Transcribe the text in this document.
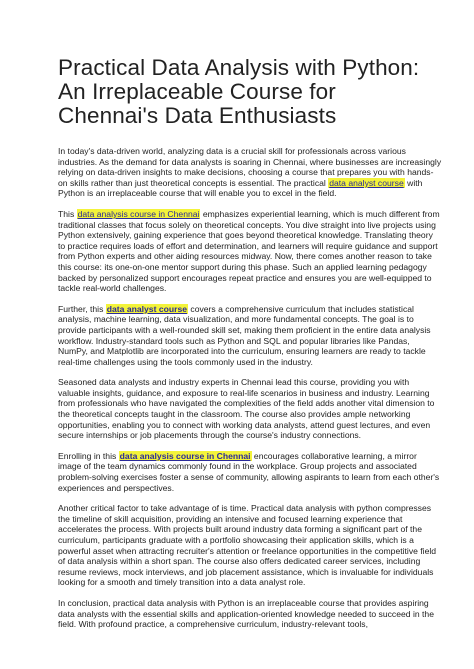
Practical Data Analysis with Python: An Irreplaceable Course for Chennai's Data Enthusiasts

In today's data-driven world, analyzing data is a crucial skill for professionals across various industries. As the demand for data analysts is soaring in Chennai, where businesses are increasingly relying on data-driven insights to make decisions, choosing a course that prepares you with hands-on skills rather than just theoretical concepts is essential. The practical data analyst course with Python is an irreplaceable course that will enable you to excel in the field.

This data analysis course in Chennai emphasizes experiential learning, which is much different from traditional classes that focus solely on theoretical concepts. You dive straight into live projects using Python extensively, gaining experience that goes beyond theoretical knowledge. Translating theory to practice requires loads of effort and determination, and learners will require guidance and support from Python experts and other aiding resources midway. Now, there comes another reason to take this course: its one-on-one mentor support during this phase. Such an applied learning pedagogy backed by personalized support encourages repeat practice and ensures you are well-equipped to tackle real-world challenges.

Further, this data analyst course covers a comprehensive curriculum that includes statistical analysis, machine learning, data visualization, and more fundamental concepts. The goal is to provide participants with a well-rounded skill set, making them proficient in the entire data analysis workflow. Industry-standard tools such as Python and SQL and popular libraries like Pandas, NumPy, and Matplotlib are incorporated into the curriculum, ensuring learners are ready to tackle real-time challenges using the tools commonly used in the industry.

Seasoned data analysts and industry experts in Chennai lead this course, providing you with valuable insights, guidance, and exposure to real-life scenarios in business and industry. Learning from professionals who have navigated the complexities of the field adds another vital dimension to the theoretical concepts taught in the classroom. The course also provides ample networking opportunities, enabling you to connect with working data analysts, attend guest lectures, and even secure internships or job placements through the course's industry connections.

Enrolling in this data analysis course in Chennai encourages collaborative learning, a mirror image of the team dynamics commonly found in the workplace. Group projects and associated problem-solving exercises foster a sense of community, allowing aspirants to learn from each other's experiences and perspectives.

Another critical factor to take advantage of is time. Practical data analysis with python compresses the timeline of skill acquisition, providing an intensive and focused learning experience that accelerates the process. With projects built around industry data forming a significant part of the curriculum, participants graduate with a portfolio showcasing their application skills, which is a powerful asset when attracting recruiter's attention or freelance opportunities in the competitive field of data analysis within a short span. The course also offers dedicated career services, including resume reviews, mock interviews, and job placement assistance, which is invaluable for individuals looking for a smooth and timely transition into a data analyst role.

In conclusion, practical data analysis with Python is an irreplaceable course that provides aspiring data analysts with the essential skills and application-oriented knowledge needed to succeed in the field. With profound practice, a comprehensive curriculum, industry-relevant tools,
